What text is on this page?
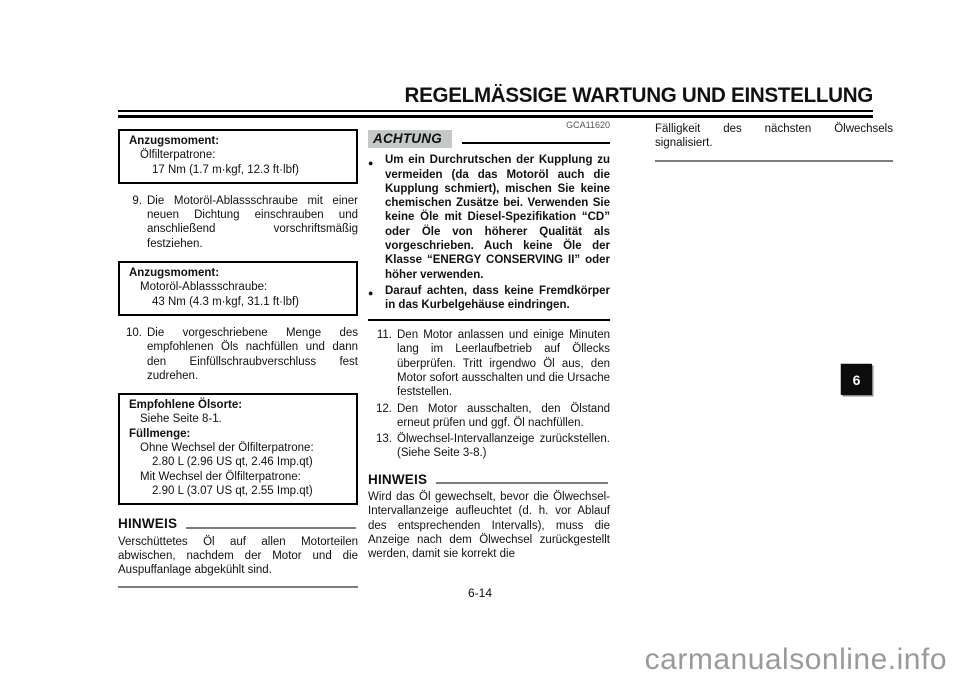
REGELMÄSSIGE WARTUNG UND EINSTELLUNG
Anzugsmoment:
Ölfilterpatrone:
17 Nm (1.7 m·kgf, 12.3 ft·lbf)
9. Die Motoröl-Ablassschraube mit einer neuen Dichtung einschrauben und anschließend vorschriftsmäßig festziehen.
Anzugsmoment:
Motoröl-Ablassschraube:
43 Nm (4.3 m·kgf, 31.1 ft·lbf)
10. Die vorgeschriebene Menge des empfohlenen Öls nachfüllen und dann den Einfüllschraubverschluss fest zudrehen.
Empfohlene Ölsorte:
Siehe Seite 8-1.
Füllmenge:
Ohne Wechsel der Ölfilterpatrone:
2.80 L (2.96 US qt, 2.46 Imp.qt)
Mit Wechsel der Ölfilterpatrone:
2.90 L (3.07 US qt, 2.55 Imp.qt)
HINWEIS

Verschüttetes Öl auf allen Motorteilen abwischen, nachdem der Motor und die Auspuffanlage abgekühlt sind.

GCA11620
ACHTUNG
●	Um ein Durchrutschen der Kupplung zu vermeiden (da das Motoröl auch die Kupplung schmiert), mischen Sie keine chemischen Zusätze bei. Verwenden Sie keine Öle mit Diesel-Spezifikation “CD” oder Öle von höherer Qualität als vorgeschrieben. Auch keine Öle der Klasse “ENERGY CONSERVING II” oder höher verwenden.
●	Darauf achten, dass keine Fremdkörper in das Kurbelgehäuse eindringen.
11. Den Motor anlassen und einige Minuten lang im Leerlaufbetrieb auf Öllecks überprüfen. Tritt irgendwo Öl aus, den Motor sofort ausschalten und die Ursache feststellen.
12. Den Motor ausschalten, den Ölstand erneut prüfen und ggf. Öl nachfüllen.
13. Ölwechsel-Intervallanzeige zurückstellen. (Siehe Seite 3-8.)
HINWEIS

Wird das Öl gewechselt, bevor die Ölwechsel-Intervallanzeige aufleuchtet (d. h. vor Ablauf des entsprechenden Intervalls), muss die Anzeige nach dem Ölwechsel zurückgestellt werden, damit sie korrekt die

Fälligkeit des nächsten Ölwechsels signalisiert.

6
6-14
carmanualsonline.info
